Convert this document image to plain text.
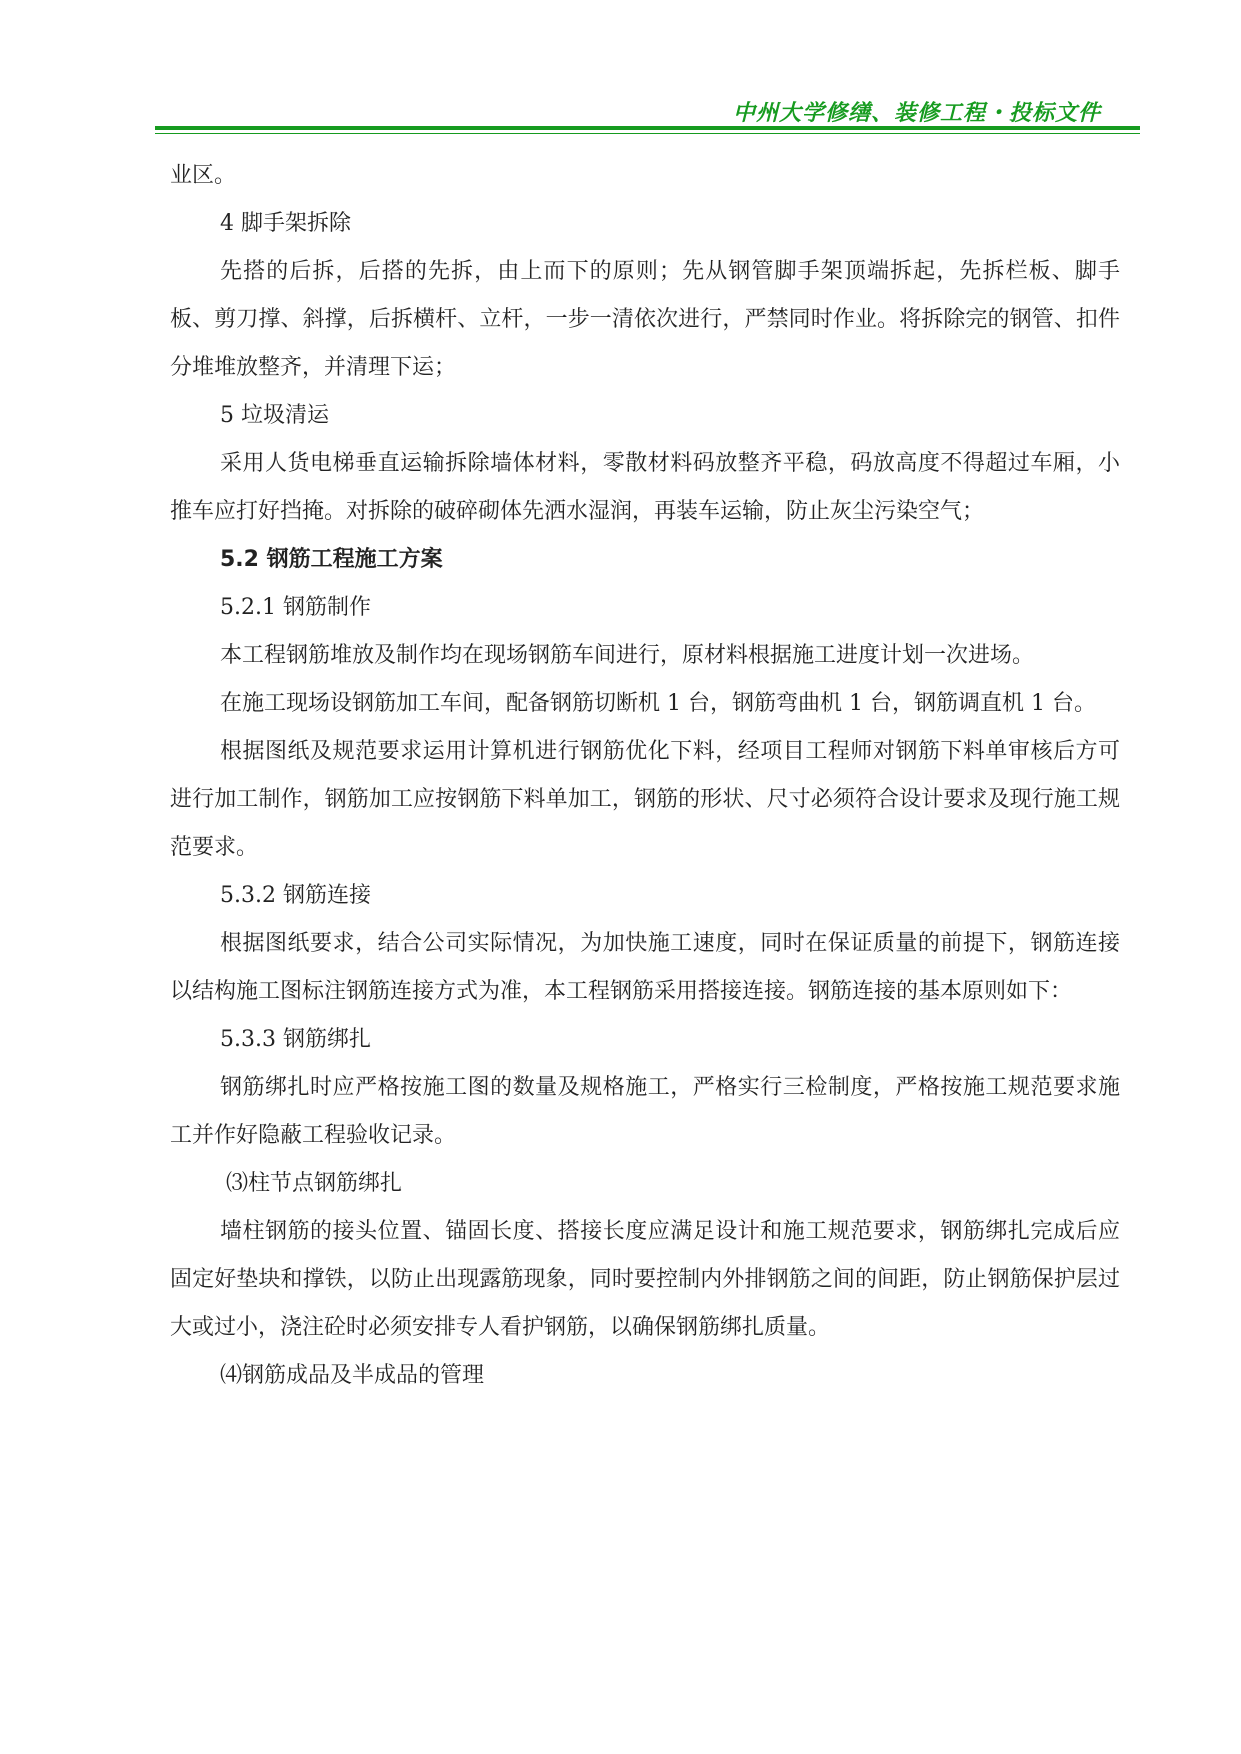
中州大学修缮、装修工程・投标文件

业区。

4 脚手架拆除

先搭的后拆，后搭的先拆，由上而下的原则；先从钢管脚手架顶端拆起，先拆栏板、脚手板、剪刀撑、斜撑，后拆横杆、立杆，一步一清依次进行，严禁同时作业。将拆除完的钢管、扣件分堆堆放整齐，并清理下运；

5 垃圾清运

采用人货电梯垂直运输拆除墙体材料，零散材料码放整齐平稳，码放高度不得超过车厢，小推车应打好挡掩。对拆除的破碎砌体先洒水湿润，再装车运输，防止灰尘污染空气；

5.2 钢筋工程施工方案

5.2.1 钢筋制作

本工程钢筋堆放及制作均在现场钢筋车间进行，原材料根据施工进度计划一次进场。

在施工现场设钢筋加工车间，配备钢筋切断机 1 台，钢筋弯曲机 1 台，钢筋调直机 1 台。

根据图纸及规范要求运用计算机进行钢筋优化下料，经项目工程师对钢筋下料单审核后方可进行加工制作，钢筋加工应按钢筋下料单加工，钢筋的形状、尺寸必须符合设计要求及现行施工规范要求。

5.3.2 钢筋连接

根据图纸要求，结合公司实际情况，为加快施工速度，同时在保证质量的前提下，钢筋连接以结构施工图标注钢筋连接方式为准，本工程钢筋采用搭接连接。钢筋连接的基本原则如下：

5.3.3 钢筋绑扎

钢筋绑扎时应严格按施工图的数量及规格施工，严格实行三检制度，严格按施工规范要求施工并作好隐蔽工程验收记录。

⑶柱节点钢筋绑扎

墙柱钢筋的接头位置、锚固长度、搭接长度应满足设计和施工规范要求，钢筋绑扎完成后应固定好垫块和撑铁，以防止出现露筋现象，同时要控制内外排钢筋之间的间距，防止钢筋保护层过大或过小，浇注砼时必须安排专人看护钢筋，以确保钢筋绑扎质量。

⑷钢筋成品及半成品的管理
